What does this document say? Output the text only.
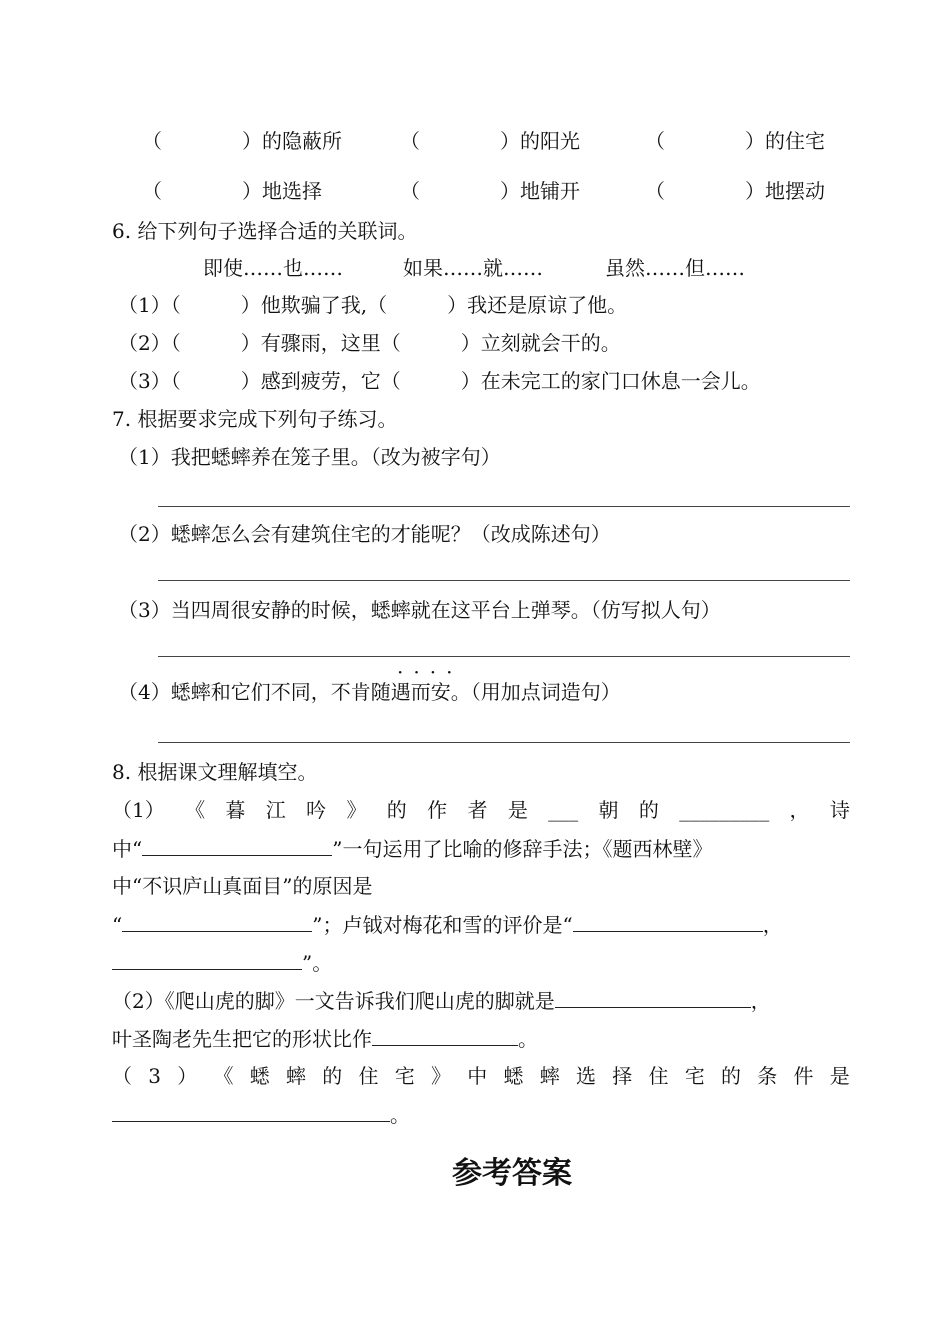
（　　　　）的隐蔽所	（　　　　）的阳光	（　　　　）的住宅
（　　　　）地选择	（　　　　）地铺开	（　　　　）地摆动
6. 给下列句子选择合适的关联词。
即使……也……	如果……就……	虽然……但……
（1）（　　　）他欺骗了我,（　　　）我还是原谅了他。
（2）（　　　）有骤雨，这里（　　　）立刻就会干的。
（3）（　　　）感到疲劳，它（　　　）在未完工的家门口休息一会儿。
7. 根据要求完成下列句子练习。
（1）我把蟋蟀养在笼子里。（改为被字句）
（2）蟋蟀怎么会有建筑住宅的才能呢？（改成陈述句）
（3）当四周很安静的时候，蟋蟀就在这平台上弹琴。（仿写拟人句）
····
（4）蟋蟀和它们不同，不肯随遇而安。（用加点词造句）
8. 根据课文理解填空。
（1） 《 暮 江 吟 》 的 作 者 是 ___ 朝 的 _________ ， 诗
中“	”一句运用了比喻的修辞手法；《题西林壁》
中“不识庐山真面目”的原因是
“	”；卢钺对梅花和雪的评价是“	，
”。
（2）《爬山虎的脚》一文告诉我们爬山虎的脚就是	，
叶圣陶老先生把它的形状比作	。
（ 3 ） 《 蟋 蟀 的 住 宅 》 中 蟋 蟀 选 择 住 宅 的 条 件 是
。
参考答案
